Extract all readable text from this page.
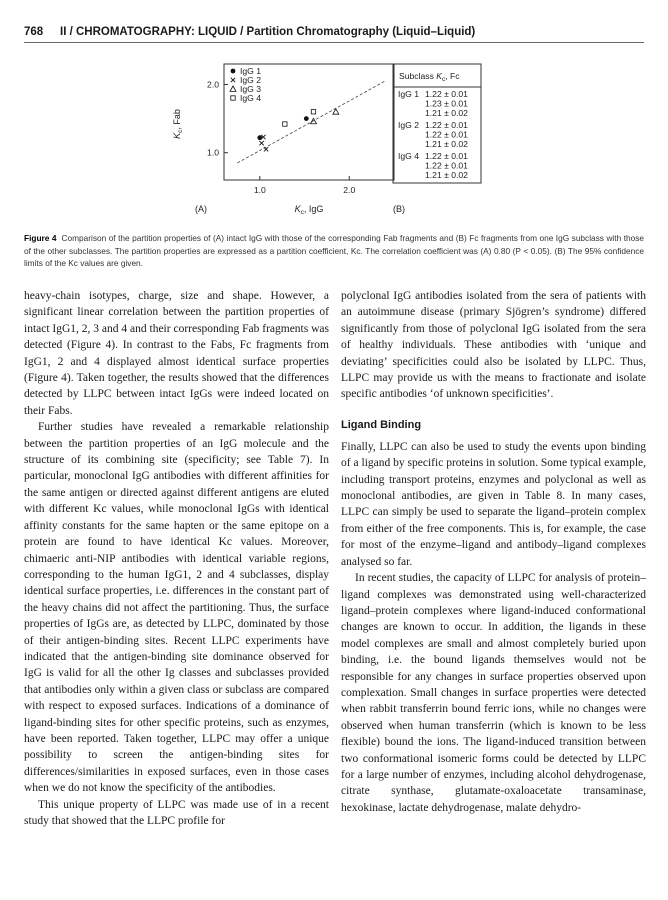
768 II / CHROMATOGRAPHY: LIQUID / Partition Chromatography (Liquid–Liquid)
1.0	2.0
1.0
2.0
$K_c$, IgG
$K_c$, Fab
(A)
IgG 1
IgG 2
IgG 3
IgG 4
Subclass $K_c$, Fc
IgG 1 1.22 ± 0.01
1.23 ± 0.01
1.21 ± 0.02
IgG 2 1.22 ± 0.01
1.22 ± 0.01
1.21 ± 0.02
IgG 4 1.22 ± 0.01
1.22 ± 0.01
1.21 ± 0.02
(B)
Figure 4 Comparison of the partition properties of (A) intact IgG with those of the corresponding Fab fragments and (B) Fc fragments from one IgG subclass with those of the other subclasses. The partition properties are expressed as a partition coefficient, Kc. The correlation coefficient was (A) 0.80 (P < 0.05). (B) The 95% confidence limits of the Kc values are given.

heavy-chain isotypes, charge, size and shape. However, a significant linear correlation between the partition properties of intact IgG1, 2, 3 and 4 and their corresponding Fab fragments was detected (Figure 4). In contrast to the Fabs, Fc fragments from IgG1, 2 and 4 displayed almost identical surface properties (Figure 4). Taken together, the results showed that the differences detected by LLPC between intact IgGs were indeed located on their Fabs.

Further studies have revealed a remarkable relationship between the partition properties of an IgG molecule and the structure of its combining site (specificity; see Table 7). In particular, monoclonal IgG antibodies with different affinities for the same antigen or directed against different antigens are eluted with different Kc values, while monoclonal IgGs with identical affinity constants for the same hapten or the same epitope on a protein are found to have identical Kc values. Moreover, chimaeric anti-NIP antibodies with identical variable regions, corresponding to the human IgG1, 2 and 4 subclasses, display identical surface properties, i.e. differences in the constant part of the heavy chains did not affect the partitioning. Thus, the surface properties of IgGs are, as detected by LLPC, dominated by those of their antigen-binding sites. Recent LLPC experiments have indicated that the antigen-binding site dominance observed for IgG is valid for all the other Ig classes and subclasses provided that antibodies only within a given class or subclass are compared with respect to exposed surfaces. Indications of a dominance of ligand-binding sites for other specific proteins, such as enzymes, have been reported. Taken together, LLPC may offer a unique possibility to screen the antigen-binding sites for differences/similarities in exposed surfaces, even in those cases when we do not know the specificity of the antibodies.

This unique property of LLPC was made use of in a recent study that showed that the LLPC profile for

polyclonal IgG antibodies isolated from the sera of patients with an autoimmune disease (primary Sjögren’s syndrome) differed significantly from those of polyclonal IgG isolated from the sera of healthy individuals. These antibodies with ‘unique and deviating’ specificities could also be isolated by LLPC. Thus, LLPC may provide us with the means to fractionate and isolate specific antibodies ‘of unknown specificities’.

Ligand Binding

Finally, LLPC can also be used to study the events upon binding of a ligand by specific proteins in solution. Some typical example, including transport proteins, enzymes and polyclonal as well as monoclonal antibodies, are given in Table 8. In many cases, LLPC can simply be used to separate the ligand–protein complex from either of the free components. This is, for example, the case for most of the enzyme–ligand and antibody–ligand complexes analysed so far.

In recent studies, the capacity of LLPC for analysis of protein–ligand complexes was demonstrated using well-characterized ligand–protein complexes where ligand-induced conformational changes are known to occur. In addition, the ligands in these model complexes are small and almost completely buried upon binding, i.e. the bound ligands themselves would not be responsible for any changes in surface properties observed upon complexation. Small changes in surface properties were detected when rabbit transferrin bound ferric ions, while no changes were observed when human transferrin (which is known to be less flexible) bound the ions. The ligand-induced transition between two conformational isomeric forms could be detected by LLPC for a large number of enzymes, including alcohol dehydrogenase, citrate synthase, glutamate-oxaloacetate transaminase, hexokinase, lactate dehydrogenase, malate dehydro-
